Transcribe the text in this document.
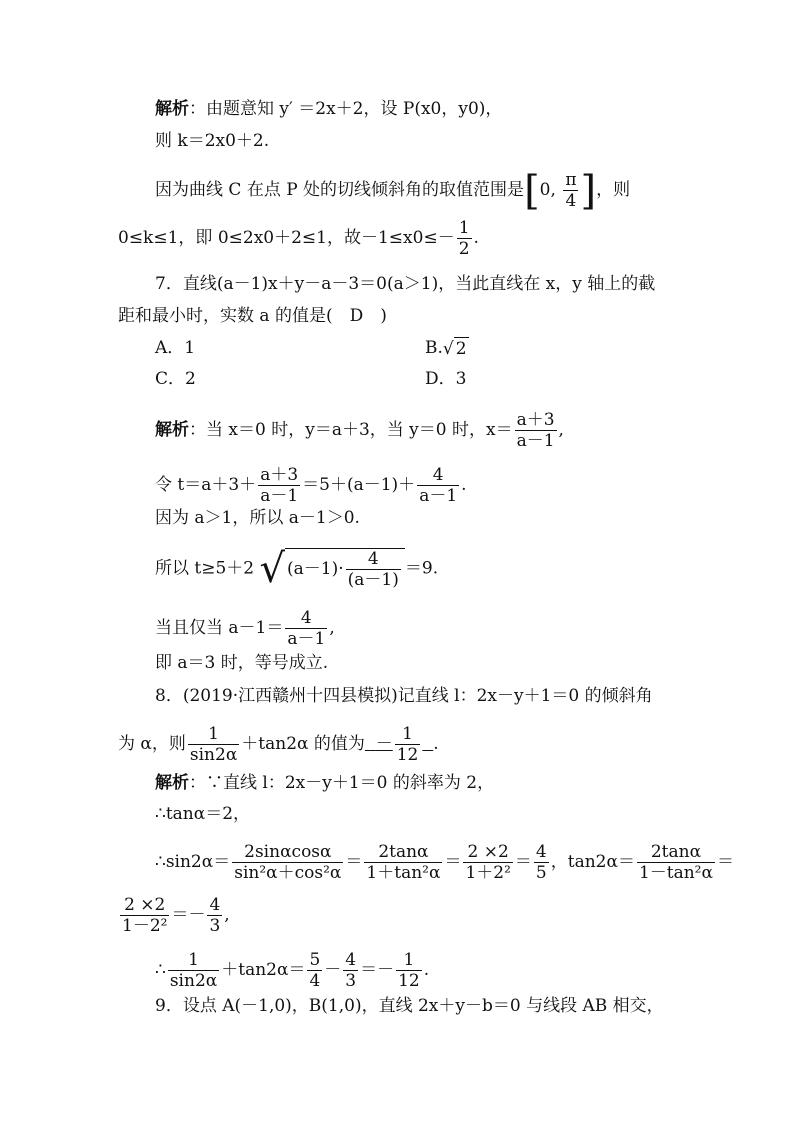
解析：由题意知 y′ ＝2x＋2，设 P(x0，y0)，
则 k＝2x0＋2.
因为曲线 C 在点 P 处的切线倾斜角的取值范围是[0, $\frac{\pi}{4}$ ]，则
0≤k≤1，即 0≤2x0＋2≤1，故$-1\le x0\le- \frac{1}{2}$ .
7．直线(a－1)x＋y－a－3＝0(a＞1)，当此直线在 x，y 轴上的截
距和最小时，实数 a 的值是(　D　)
A．1	B.√ 2
C．2	D．3
解析：当 x＝0 时，y＝a＋3，当 y＝0 时，$x= \frac{a+3}{a-1}$ ,
令 $t=a+3+ \frac{a+3}{a-1} =5+(a-1)+ \frac{4}{a-1}$ .
因为 a＞1，所以 a－1＞0.
所以 t≥5＋2 √ $(a-1)\cdot \frac{4}{(a-1)} =9$.
当且仅当 $a-1= \frac{4}{a-1}$ ,
即 a＝3 时，等号成立.
8．(2019·江西赣州十四县模拟)记直线 l：2x－y＋1＝0 的倾斜角
为 α，则 $\frac{1}{\sin 2\alpha} +\tan 2\alpha$ 的值为 － $\frac{1}{12}$ .
解析：∵直线 l：2x－y＋1＝0 的斜率为 2，
∴tanα＝2，
∴sin2α＝ $\frac{2\sin\alpha\cos\alpha}{\text{sin²α＋cos²α}} = \frac{2\tan\alpha}{\text{1＋tan²α}} = \frac{2 \times 2}{\text{1＋2²}} = \frac{4}{5}$ ，$\tan 2\alpha= \frac{2\tan\alpha}{\text{1－tan²α}}$ ＝
$\frac{2 \times 2}{\text{1－2²}} =- \frac{4}{3}$ ,
∴ $\frac{1}{\sin 2\alpha} +\tan 2\alpha= \frac{5}{4} - \frac{4}{3} =- \frac{1}{12}$ .
9．设点 A(－1,0)，B(1,0)，直线 2x＋y－b＝0 与线段 AB 相交，
